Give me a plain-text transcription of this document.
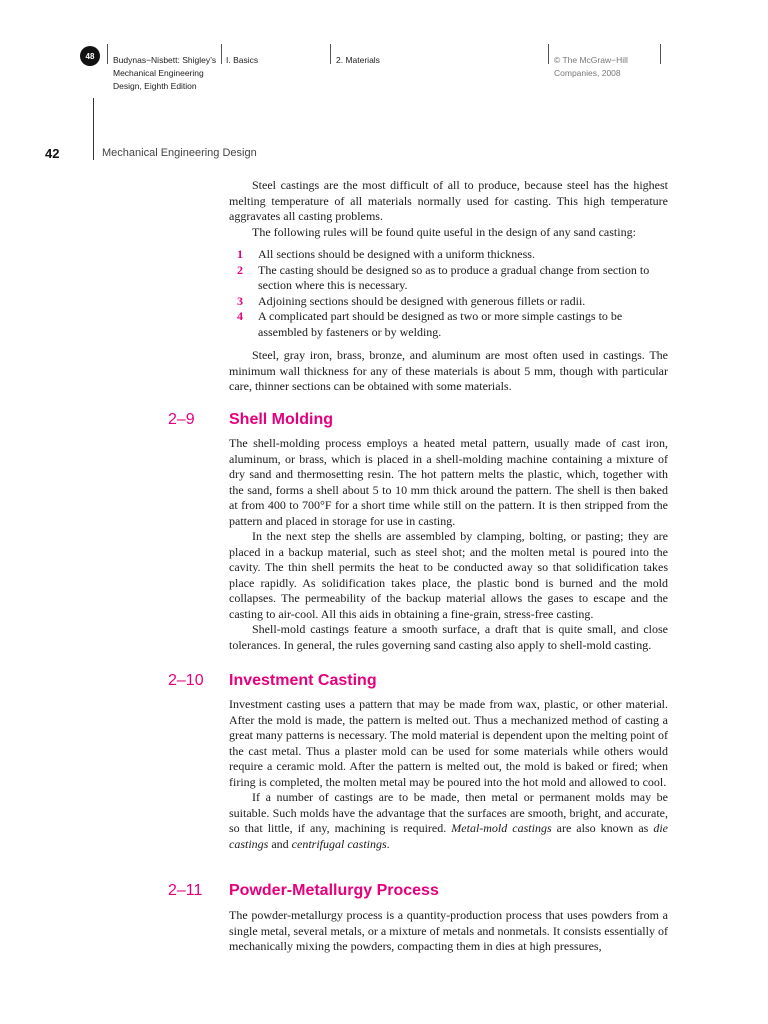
48	Budynas−Nisbett: Shigley’s
Mechanical Engineering
Design, Eighth Edition
I. Basics	2. Materials	© The McGraw−Hill
Companies, 2008
42	Mechanical Engineering Design

Steel castings are the most difficult of all to produce, because steel has the highest melting temperature of all materials normally used for casting. This high temperature aggravates all casting problems.

The following rules will be found quite useful in the design of any sand casting:

1 All sections should be designed with a uniform thickness.
2 The casting should be designed so as to produce a gradual change from section to section where this is necessary.
3 Adjoining sections should be designed with generous fillets or radii.
4 A complicated part should be designed as two or more simple castings to be assembled by fasteners or by welding.

Steel, gray iron, brass, bronze, and aluminum are most often used in castings. The minimum wall thickness for any of these materials is about 5 mm, though with particular care, thinner sections can be obtained with some materials.

2–9 Shell Molding

The shell-molding process employs a heated metal pattern, usually made of cast iron, aluminum, or brass, which is placed in a shell-molding machine containing a mixture of dry sand and thermosetting resin. The hot pattern melts the plastic, which, together with the sand, forms a shell about 5 to 10 mm thick around the pattern. The shell is then baked at from 400 to 700°F for a short time while still on the pattern. It is then stripped from the pattern and placed in storage for use in casting.

In the next step the shells are assembled by clamping, bolting, or pasting; they are placed in a backup material, such as steel shot; and the molten metal is poured into the cavity. The thin shell permits the heat to be conducted away so that solidification takes place rapidly. As solidification takes place, the plastic bond is burned and the mold collapses. The permeability of the backup material allows the gases to escape and the casting to air-cool. All this aids in obtaining a fine-grain, stress-free casting.

Shell-mold castings feature a smooth surface, a draft that is quite small, and close tolerances. In general, the rules governing sand casting also apply to shell-mold casting.

2–10 Investment Casting

Investment casting uses a pattern that may be made from wax, plastic, or other material. After the mold is made, the pattern is melted out. Thus a mechanized method of casting a great many patterns is necessary. The mold material is dependent upon the melting point of the cast metal. Thus a plaster mold can be used for some materials while others would require a ceramic mold. After the pattern is melted out, the mold is baked or fired; when firing is completed, the molten metal may be poured into the hot mold and allowed to cool.

If a number of castings are to be made, then metal or permanent molds may be suitable. Such molds have the advantage that the surfaces are smooth, bright, and accurate, so that little, if any, machining is required. Metal-mold castings are also known as die castings and centrifugal castings.

2–11 Powder-Metallurgy Process

The powder-metallurgy process is a quantity-production process that uses powders from a single metal, several metals, or a mixture of metals and nonmetals. It consists essentially of mechanically mixing the powders, compacting them in dies at high pressures,
